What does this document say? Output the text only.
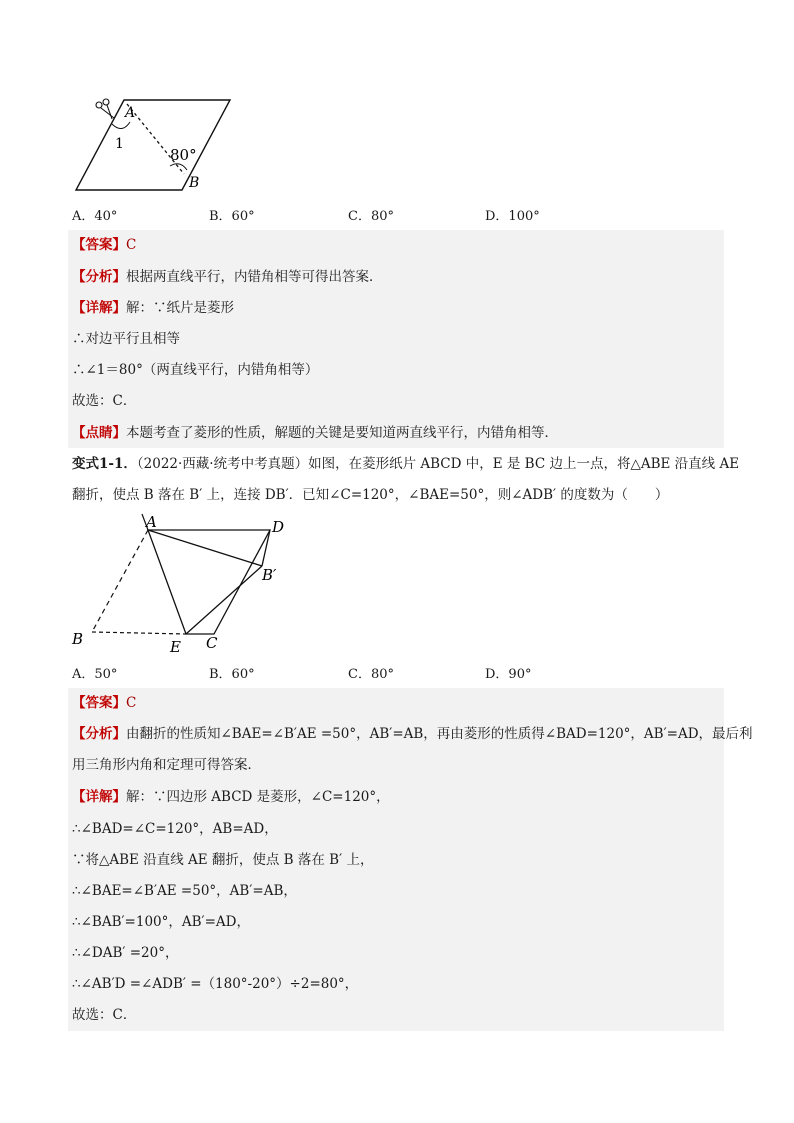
A
1
80°
B
A．40°	B．60°	C．80°	D．100°
【答案】C
【分析】根据两直线平行，内错角相等可得出答案．
【详解】解：∵纸片是菱形
∴对边平行且相等
∴∠1＝80°（两直线平行，内错角相等）
故选：C．
【点睛】本题考查了菱形的性质，解题的关键是要知道两直线平行，内错角相等．
变式1-1．（2022·西藏·统考中考真题）如图，在菱形纸片 ABCD 中，E 是 BC 边上一点，将△ABE 沿直线 AE
翻折，使点 B 落在 B′ 上，连接 DB′．已知∠C=120°，∠BAE=50°，则∠ADB′ 的度数为（　　）
A	D
B′
B	E C
A．50°	B．60°	C．80°	D．90°
【答案】C
【分析】由翻折的性质知∠BAE=∠B′AE =50°，AB′=AB，再由菱形的性质得∠BAD=120°，AB′=AD，最后利
用三角形内角和定理可得答案．
【详解】解：∵四边形 ABCD 是菱形，∠C=120°，
∴∠BAD=∠C=120°，AB=AD，
∵将△ABE 沿直线 AE 翻折，使点 B 落在 B′ 上，
∴∠BAE=∠B′AE =50°，AB′=AB，
∴∠BAB′=100°，AB′=AD，
∴∠DAB′ =20°，
∴∠AB′D =∠ADB′ =（180°-20°）÷2=80°，
故选：C．
